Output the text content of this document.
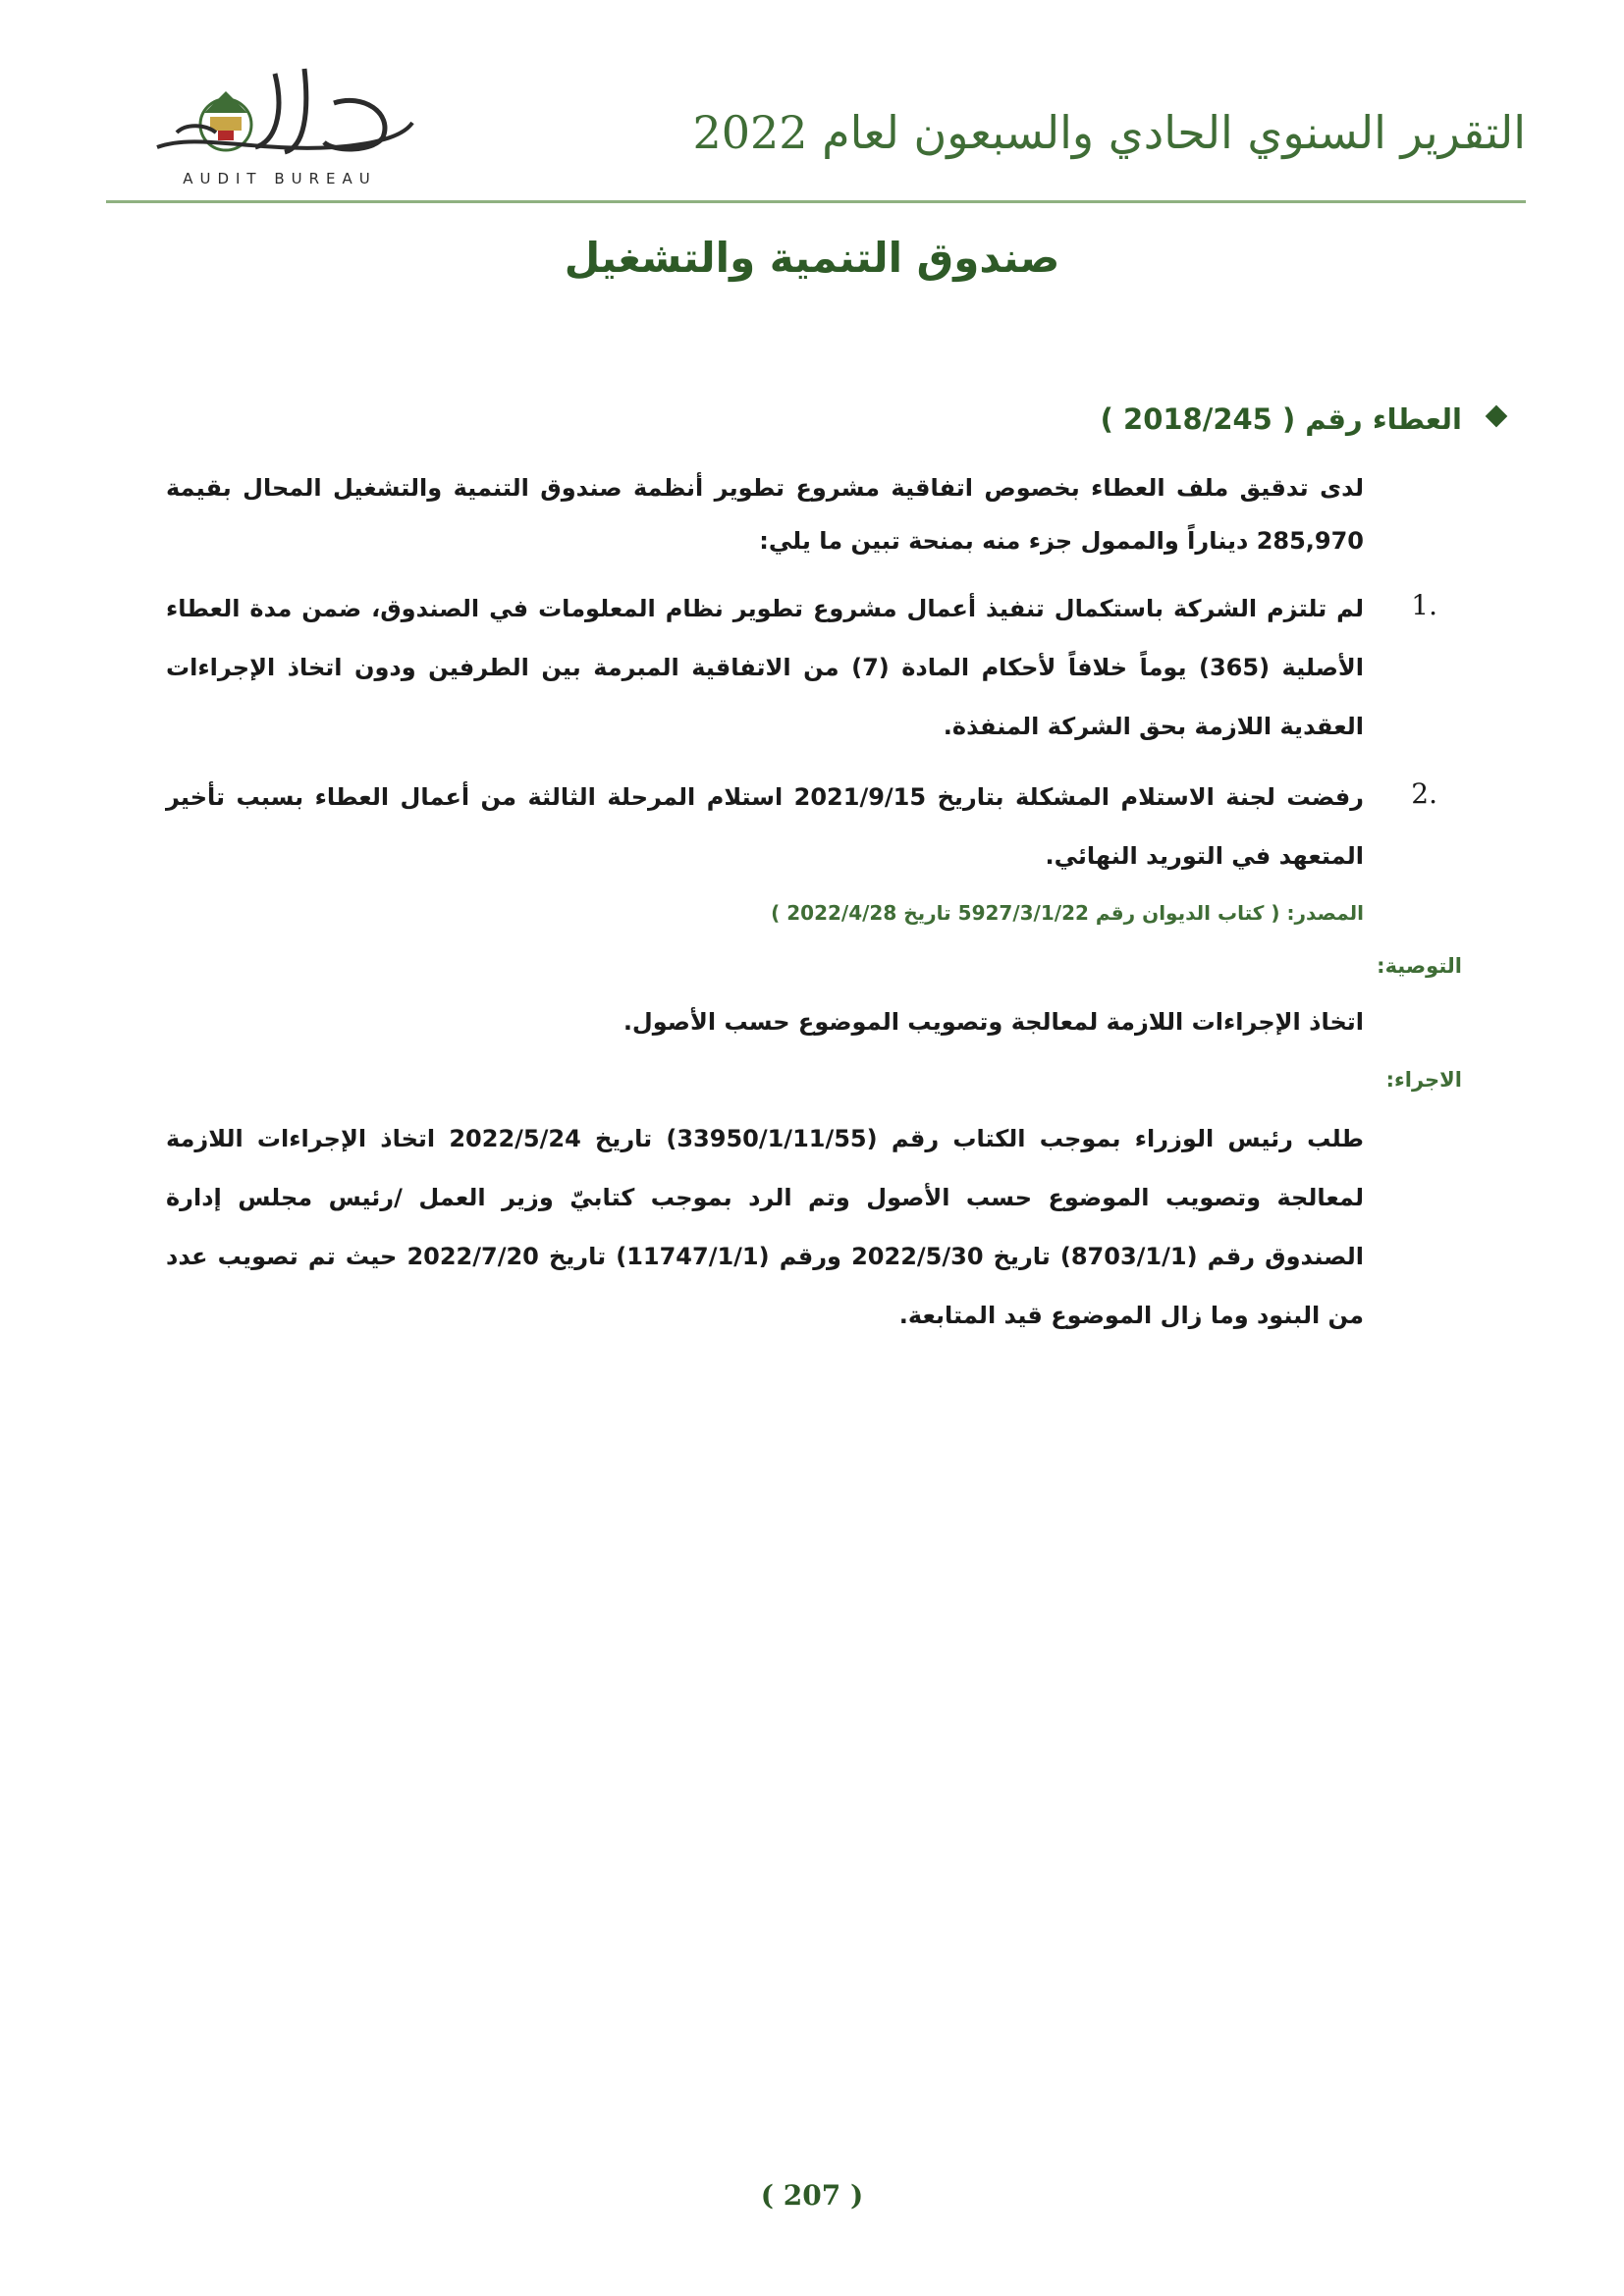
AUDIT BUREAU
التقرير السنوي الحادي والسبعون لعام 2022
صندوق التنمية والتشغيل
العطاء رقم ( 2018/245 )
لدى تدقيق ملف العطاء بخصوص اتفاقية مشروع تطوير أنظمة صندوق التنمية والتشغيل المحال بقيمة 285,970 ديناراً والممول جزء منه بمنحة تبين ما يلي:
1.
لم تلتزم الشركة باستكمال تنفيذ أعمال مشروع تطوير نظام المعلومات في الصندوق، ضمن مدة العطاء الأصلية (365) يوماً خلافاً لأحكام المادة (7) من الاتفاقية المبرمة بين الطرفين ودون اتخاذ الإجراءات العقدية اللازمة بحق الشركة المنفذة.
2.
رفضت لجنة الاستلام المشكلة بتاريخ 2021/9/15 استلام المرحلة الثالثة من أعمال العطاء بسبب تأخير المتعهد في التوريد النهائي.
المصدر: ( كتاب الديوان رقم 5927/3/1/22 تاريخ 2022/4/28 )
التوصية:
اتخاذ الإجراءات اللازمة لمعالجة وتصويب الموضوع حسب الأصول.
الاجراء:
طلب رئيس الوزراء بموجب الكتاب رقم (33950/1/11/55) تاريخ 2022/5/24 اتخاذ الإجراءات اللازمة لمعالجة وتصويب الموضوع حسب الأصول وتم الرد بموجب كتابيّ وزير العمل /رئيس مجلس إدارة الصندوق رقم (8703/1/1) تاريخ 2022/5/30 ورقم (11747/1/1) تاريخ 2022/7/20 حيث تم تصويب عدد من البنود وما زال الموضوع قيد المتابعة.
( 207 )
